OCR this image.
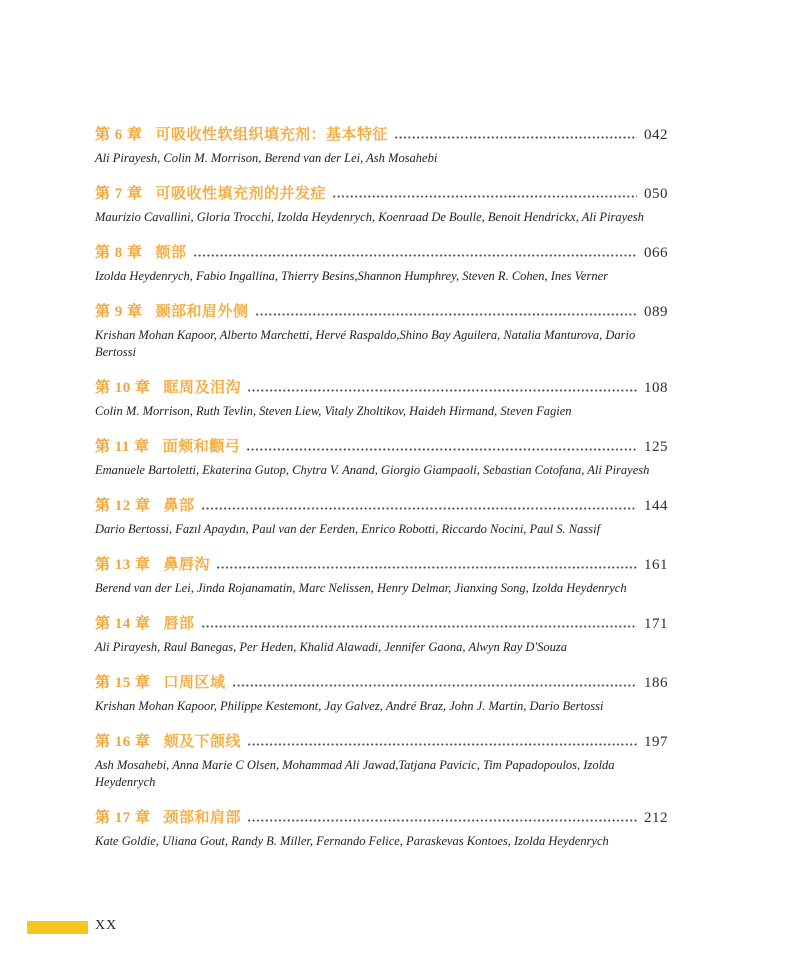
第 6 章 可吸收性软组织填充剂：基本特征	042
Ali Pirayesh, Colin M. Morrison, Berend van der Lei, Ash Mosahebi
第 7 章 可吸收性填充剂的并发症	050
Maurizio Cavallini, Gloria Trocchi, Izolda Heydenrych, Koenraad De Boulle, Benoit Hendrickx, Ali Pirayesh
第 8 章 额部	066
Izolda Heydenrych, Fabio Ingallina, Thierry Besins,Shannon Humphrey, Steven R. Cohen, Ines Verner
第 9 章 颞部和眉外侧	089
Krishan Mohan Kapoor, Alberto Marchetti, Hervé Raspaldo,Shino Bay Aguilera, Natalia Manturova, Dario Bertossi
第 10 章 眶周及泪沟	108
Colin M. Morrison, Ruth Tevlin, Steven Liew, Vitaly Zholtikov, Haideh Hirmand, Steven Fagien
第 11 章 面颊和颧弓	125
Emanuele Bartoletti, Ekaterina Gutop, Chytra V. Anand, Giorgio Giampaoli, Sebastian Cotofana, Ali Pirayesh
第 12 章 鼻部	144
Dario Bertossi, Fazıl Apaydın, Paul van der Eerden, Enrico Robotti, Riccardo Nocini, Paul S. Nassif
第 13 章 鼻唇沟	161
Berend van der Lei, Jinda Rojanamatin, Marc Nelissen, Henry Delmar, Jianxing Song, Izolda Heydenrych
第 14 章 唇部	171
Ali Pirayesh, Raul Banegas, Per Heden, Khalid Alawadi, Jennifer Gaona, Alwyn Ray D'Souza
第 15 章 口周区域	186
Krishan Mohan Kapoor, Philippe Kestemont, Jay Galvez, André Braz, John J. Martin, Dario Bertossi
第 16 章 颏及下颌线	197
Ash Mosahebi, Anna Marie C Olsen, Mohammad Ali Jawad,Tatjana Pavicic, Tim Papadopoulos, Izolda Heydenrych
第 17 章 颈部和肩部	212
Kate Goldie, Uliana Gout, Randy B. Miller, Fernando Felice, Paraskevas Kontoes, Izolda Heydenrych
XX
